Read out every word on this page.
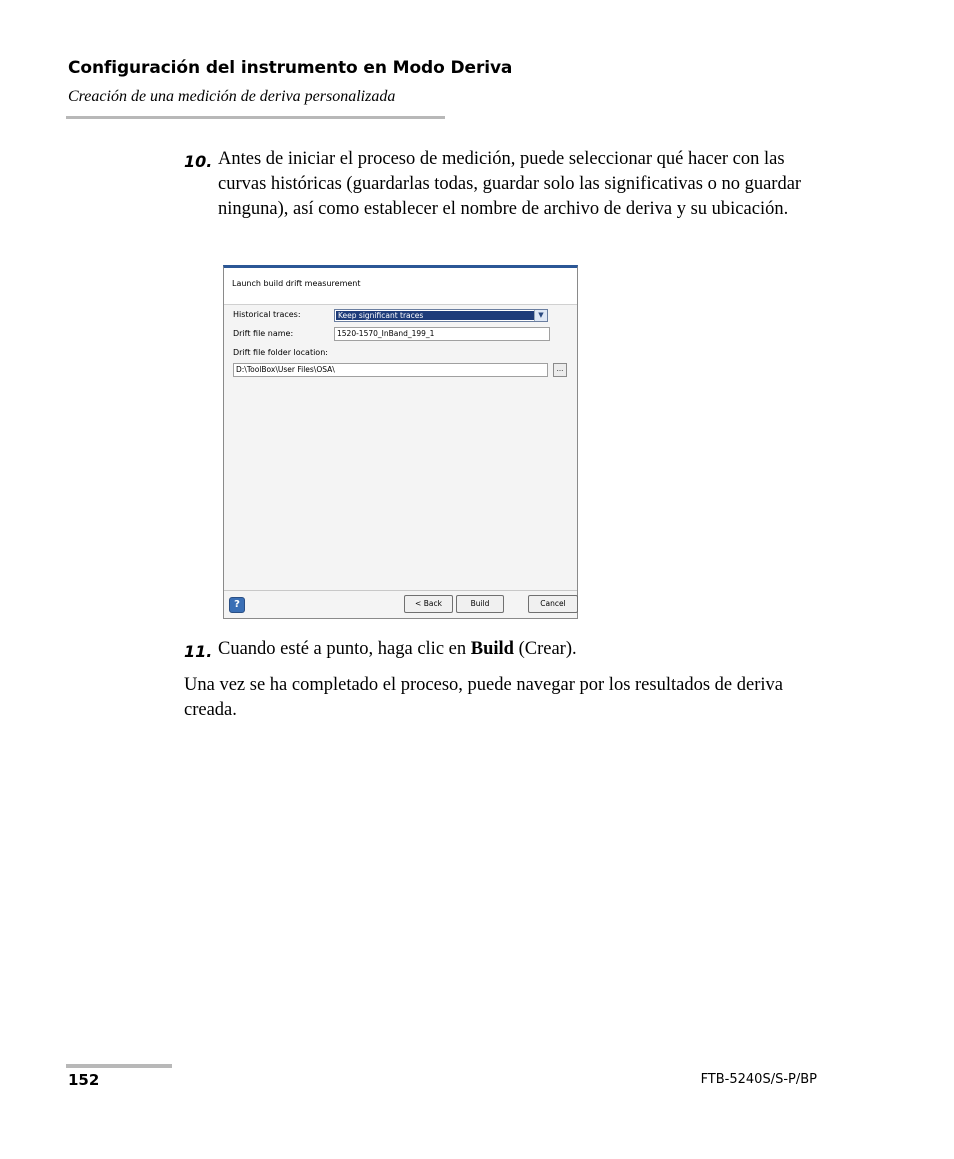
Configuración del instrumento en Modo Deriva
Creación de una medición de deriva personalizada
10. Antes de iniciar el proceso de medición, puede seleccionar qué hacer con las curvas históricas (guardarlas todas, guardar solo las significativas o no guardar ninguna), así como establecer el nombre de archivo de deriva y su ubicación.
Launch build drift measurement
Historical traces:	Keep significant traces	▼
Drift file name:	1520-1570_InBand_199_1
Drift file folder location:
D:\ToolBox\User Files\OSA\	...
?	< Back	Build	Cancel
11. Cuando esté a punto, haga clic en Build (Crear).
Una vez se ha completado el proceso, puede navegar por los resultados de deriva creada.
152	FTB-5240S/S-P/BP
